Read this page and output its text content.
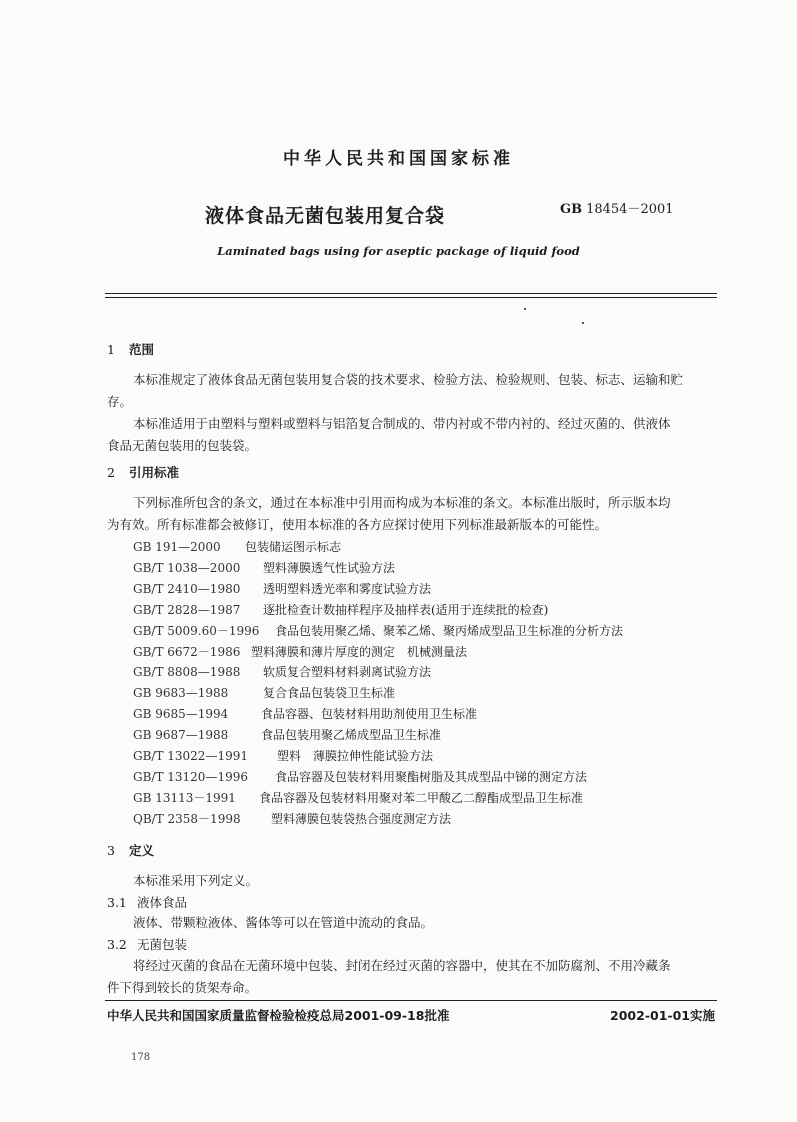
中华人民共和国国家标准
液体食品无菌包装用复合袋	GB 18454－2001
Laminated bags using for aseptic package of liquid food
1 范围
本标准规定了液体食品无菌包装用复合袋的技术要求、检验方法、检验规则、包装、标志、运输和贮
存。
本标准适用于由塑料与塑料或塑料与铝箔复合制成的、带内衬或不带内衬的、经过灭菌的、供液体
食品无菌包装用的包装袋。
2 引用标准
下列标准所包含的条文，通过在本标准中引用而构成为本标准的条文。本标准出版时，所示版本均
为有效。所有标准都会被修订，使用本标准的各方应探讨使用下列标准最新版本的可能性。
GB 191—2000 包装储运图示标志
GB/T 1038—2000 塑料薄膜透气性试验方法
GB/T 2410—1980 透明塑料透光率和雾度试验方法
GB/T 2828—1987 逐批检查计数抽样程序及抽样表(适用于连续批的检查)
GB/T 5009.60－1996 食品包装用聚乙烯、聚苯乙烯、聚丙烯成型品卫生标准的分析方法
GB/T 6672－1986 塑料薄膜和薄片厚度的测定　机械测量法
GB/T 8808—1988 软质复合塑料材料剥离试验方法
GB 9683—1988	复合食品包装袋卫生标准
GB 9685—1994	食品容器、包装材料用助剂使用卫生标准
GB 9687—1988	食品包装用聚乙烯成型品卫生标准
GB/T 13022—1991 塑料　薄膜拉伸性能试验方法
GB/T 13120—1996 食品容器及包装材料用聚酯树脂及其成型品中锑的测定方法
GB 13113－1991 食品容器及包装材料用聚对苯二甲酸乙二醇酯成型品卫生标准
QB/T 2358－1998	塑料薄膜包装袋热合强度测定方法
3 定义
本标准采用下列定义。
3.1 液体食品
液体、带颗粒液体、酱体等可以在管道中流动的食品。
3.2 无菌包装
将经过灭菌的食品在无菌环境中包装、封闭在经过灭菌的容器中，使其在不加防腐剂、不用冷藏条
件下得到较长的货架寿命。
中华人民共和国国家质量监督检验检疫总局2001-09-18批准	2002-01-01实施
178
